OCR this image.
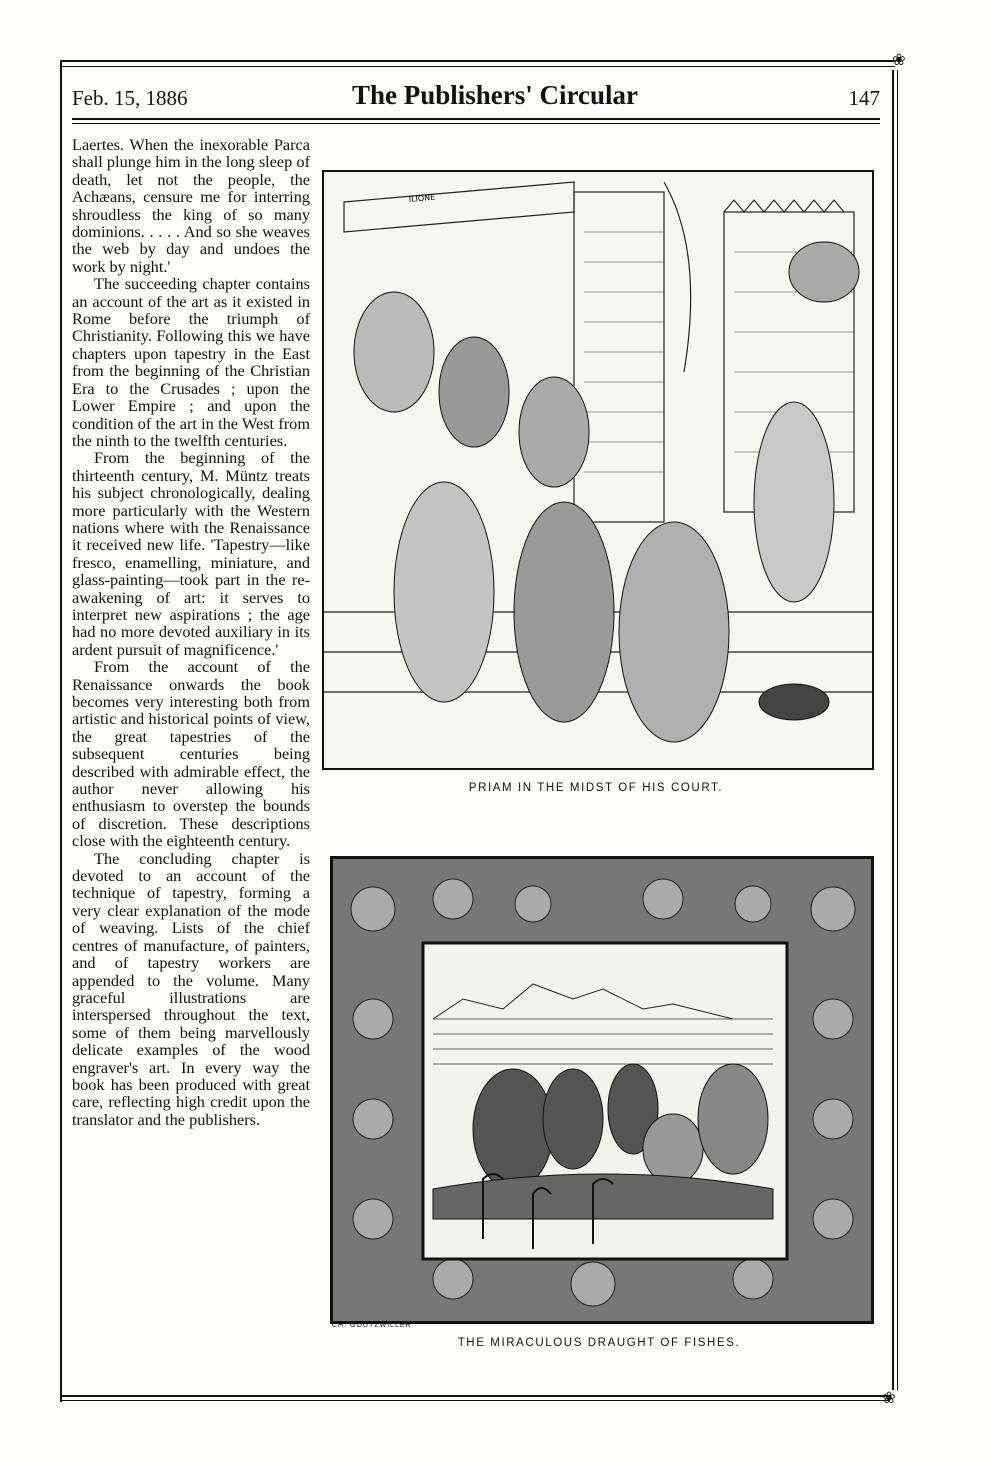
❀
❀
Feb. 15, 1886	The Publishers' Circular	147

Laertes. When the inexorable Parca shall plunge him in the long sleep of death, let not the people, the Achæans, censure me for interring shroudless the king of so many dominions. . . . . And so she weaves the web by day and undoes the work by night.'

The succeeding chapter contains an account of the art as it existed in Rome before the triumph of Christianity. Following this we have chapters upon tapestry in the East from the beginning of the Christian Era to the Crusades ; upon the Lower Empire ; and upon the condition of the art in the West from the ninth to the twelfth centuries.

From the beginning of the thirteenth century, M. Müntz treats his subject chronologically, dealing more particularly with the Western nations where with the Renaissance it received new life. 'Tapestry—like fresco, enamelling, miniature, and glass-painting—took part in the re-awakening of art: it serves to interpret new aspirations ; the age had no more devoted auxiliary in its ardent pursuit of magnificence.'

From the account of the Renaissance onwards the book becomes very interesting both from artistic and historical points of view, the great tapestries of the subsequent centuries being described with admirable effect, the author never allowing his enthusiasm to overstep the bounds of discretion. These descriptions close with the eighteenth century.

The concluding chapter is devoted to an account of the technique of tapestry, forming a very clear explanation of the mode of weaving. Lists of the chief centres of manufacture, of painters, and of tapestry workers are appended to the volume. Many graceful illustrations are interspersed throughout the text, some of them being marvellously delicate examples of the wood engraver's art. In every way the book has been produced with great care, reflecting high credit upon the translator and the publishers.

ILIONE
PRIAM IN THE MIDST OF HIS COURT.
CH. GOUTZWILLER
THE MIRACULOUS DRAUGHT OF FISHES.
